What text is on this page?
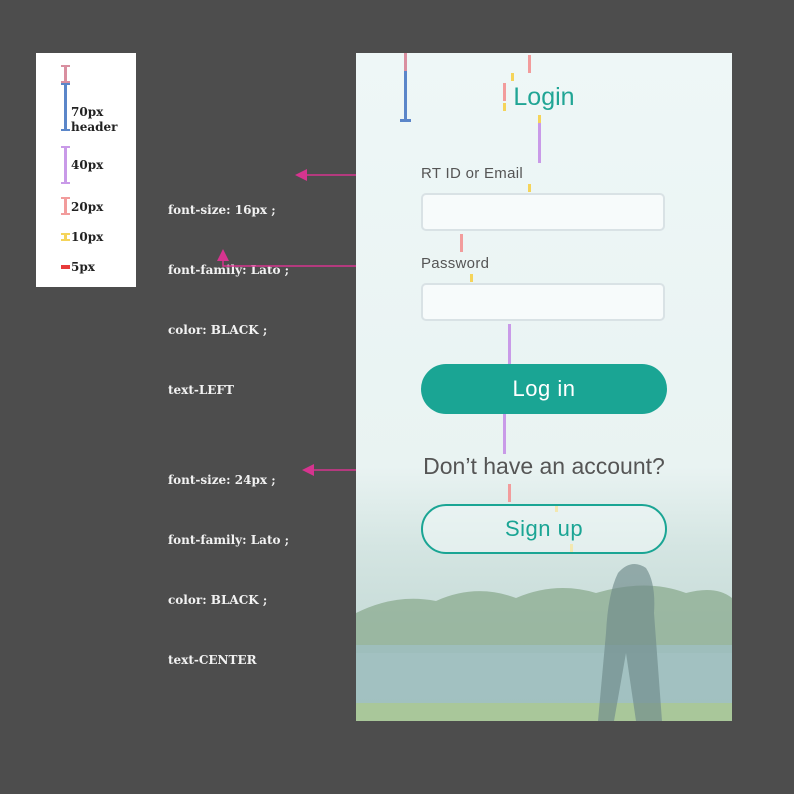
70px
header
40px
20px
10px
5px

font-size: 16px ;

font-family: Lato ;

color: BLACK ;

text-LEFT

font-size: 24px ;

font-family: Lato ;

color: BLACK ;

text-CENTER

Login
RT ID or Email
Password
Log in
Don’t have an account?
Sign up
